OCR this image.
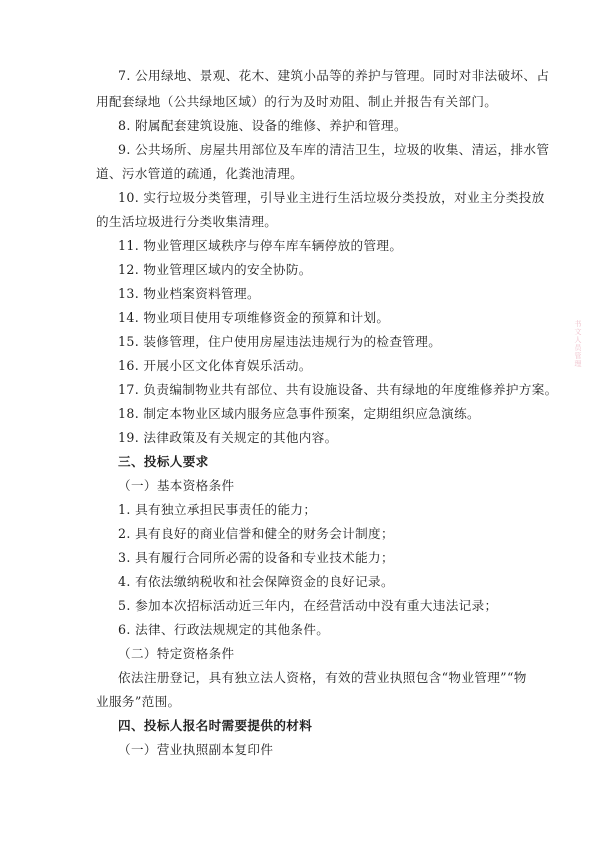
7. 公用绿地、景观、花木、建筑小品等的养护与管理。同时对非法破坏、占
用配套绿地（公共绿地区域）的行为及时劝阻、制止并报告有关部门。
8. 附属配套建筑设施、设备的维修、养护和管理。
9. 公共场所、房屋共用部位及车库的清洁卫生，垃圾的收集、清运，排水管
道、污水管道的疏通，化粪池清理。
10. 实行垃圾分类管理，引导业主进行生活垃圾分类投放，对业主分类投放
的生活垃圾进行分类收集清理。
11. 物业管理区域秩序与停车库车辆停放的管理。
12. 物业管理区域内的安全协防。
13. 物业档案资料管理。
14. 物业项目使用专项维修资金的预算和计划。
15. 装修管理，住户使用房屋违法违规行为的检查管理。
16. 开展小区文化体育娱乐活动。
17. 负责编制物业共有部位、共有设施设备、共有绿地的年度维修养护方案。
18. 制定本物业区域内服务应急事件预案，定期组织应急演练。
19. 法律政策及有关规定的其他内容。
三、投标人要求
（一）基本资格条件
1. 具有独立承担民事责任的能力；
2. 具有良好的商业信誉和健全的财务会计制度；
3. 具有履行合同所必需的设备和专业技术能力；
4. 有依法缴纳税收和社会保障资金的良好记录。
5. 参加本次招标活动近三年内，在经营活动中没有重大违法记录；
6. 法律、行政法规规定的其他条件。
（二）特定资格条件
依法注册登记，具有独立法人资格，有效的营业执照包含“物业管理”“物
业服务”范围。
四、投标人报名时需要提供的材料
（一）营业执照副本复印件
书文人员管理
